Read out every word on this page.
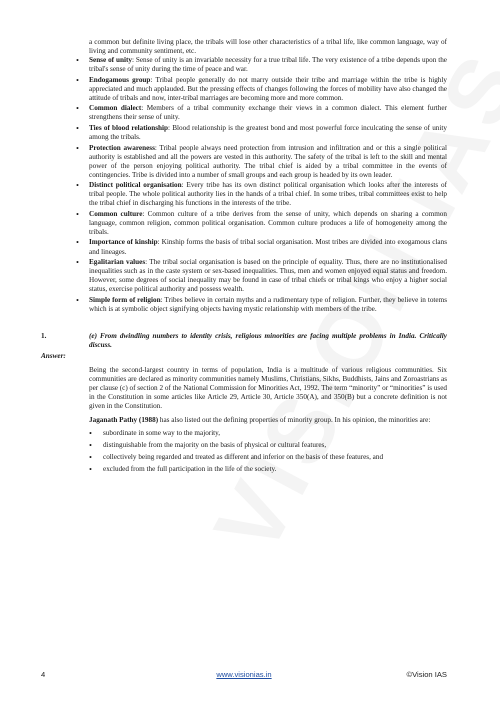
a common but definite living place, the tribals will lose other characteristics of a tribal life, like common language, way of living and community sentiment, etc.
• Sense of unity: Sense of unity is an invariable necessity for a true tribal life. The very existence of a tribe depends upon the tribal's sense of unity during the time of peace and war.
• Endogamous group: Tribal people generally do not marry outside their tribe and marriage within the tribe is highly appreciated and much applauded. But the pressing effects of changes following the forces of mobility have also changed the attitude of tribals and now, inter-tribal marriages are becoming more and more common.
• Common dialect: Members of a tribal community exchange their views in a common dialect. This element further strengthens their sense of unity.
• Ties of blood relationship: Blood relationship is the greatest bond and most powerful force inculcating the sense of unity among the tribals.
• Protection awareness: Tribal people always need protection from intrusion and infiltration and or this a single political authority is established and all the powers are vested in this authority. The safety of the tribal is left to the skill and mental power of the person enjoying political authority. The tribal chief is aided by a tribal committee in the events of contingencies. Tribe is divided into a number of small groups and each group is headed by its own leader.
• Distinct political organisation: Every tribe has its own distinct political organisation which looks after the interests of tribal people. The whole political authority lies in the hands of a tribal chief. In some tribes, tribal committees exist to help the tribal chief in discharging his functions in the interests of the tribe.
• Common culture: Common culture of a tribe derives from the sense of unity, which depends on sharing a common language, common religion, common political organisation. Common culture produces a life of homogeneity among the tribals.
• Importance of kinship: Kinship forms the basis of tribal social organisation. Most tribes are divided into exogamous clans and lineages.
• Egalitarian values: The tribal social organisation is based on the principle of equality. Thus, there are no institutionalised inequalities such as in the caste system or sex-based inequalities. Thus, men and women enjoyed equal status and freedom. However, some degrees of social inequality may be found in case of tribal chiefs or tribal kings who enjoy a higher social status, exercise political authority and possess wealth.
• Simple form of religion: Tribes believe in certain myths and a rudimentary type of religion. Further, they believe in totems which is at symbolic object signifying objects having mystic relationship with members of the tribe.
1.	(e) From dwindling numbers to identity crisis, religious minorities are facing multiple problems in India. Critically discuss.
Answer:
Being the second-largest country in terms of population, India is a multitude of various religious communities. Six communities are declared as minority communities namely Muslims, Christians, Sikhs, Buddhists, Jains and Zoroastrians as per clause (c) of section 2 of the National Commission for Minorities Act, 1992. The term “minority” or “minorities” is used in the Constitution in some articles like Article 29, Article 30, Article 350(A), and 350(B) but a concrete definition is not given in the Constitution.
Jaganath Pathy (1988) has also listed out the defining properties of minority group. In his opinion, the minorities are:
• subordinate in some way to the majority,
• distinguishable from the majority on the basis of physical or cultural features,
• collectively being regarded and treated as different and inferior on the basis of these features, and
• excluded from the full participation in the life of the society.
4	www.visionias.in	©Vision IAS
